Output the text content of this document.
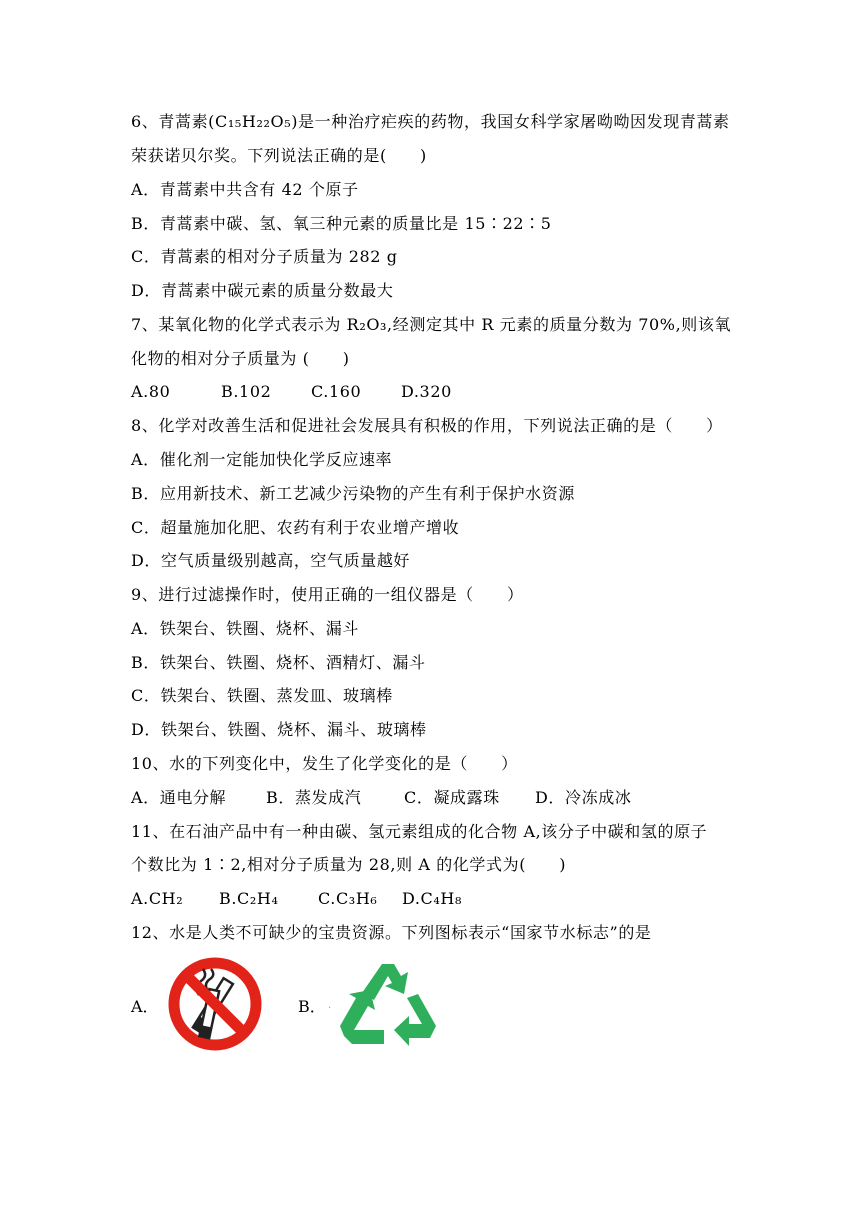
6、青蒿素(C₁₅H₂₂O₅)是一种治疗疟疾的药物，我国女科学家屠呦呦因发现青蒿素
荣获诺贝尔奖。下列说法正确的是(　　)
A．青蒿素中共含有 42 个原子
B．青蒿素中碳、氢、氧三种元素的质量比是 15∶22∶5
C．青蒿素的相对分子质量为 282 g
D．青蒿素中碳元素的质量分数最大
7、某氧化物的化学式表示为 R₂O₃,经测定其中 R 元素的质量分数为 70%,则该氧
化物的相对分子质量为 (　　)
A.80	B.102 C.160 D.320
8、化学对改善生活和促进社会发展具有积极的作用，下列说法正确的是（　　）
A．催化剂一定能加快化学反应速率
B．应用新技术、新工艺减少污染物的产生有利于保护水资源
C．超量施加化肥、农药有利于农业增产增收
D．空气质量级别越高，空气质量越好
9、进行过滤操作时，使用正确的一组仪器是（　　）
A．铁架台、铁圈、烧杯、漏斗
B．铁架台、铁圈、烧杯、酒精灯、漏斗
C．铁架台、铁圈、蒸发皿、玻璃棒
D．铁架台、铁圈、烧杯、漏斗、玻璃棒
10、水的下列变化中，发生了化学变化的是（　　）
A．通电分解 B．蒸发成汽	C．凝成露珠 D．冷冻成冰
11、在石油产品中有一种由碳、氢元素组成的化合物 A,该分子中碳和氢的原子
个数比为 1∶2,相对分子质量为 28,则 A 的化学式为(　　)
A.CH₂ B.C₂H₄ C.C₃H₆ D.C₄H₈
12、水是人类不可缺少的宝贵资源。下列图标表示“国家节水标志”的是
A．	B． ·
